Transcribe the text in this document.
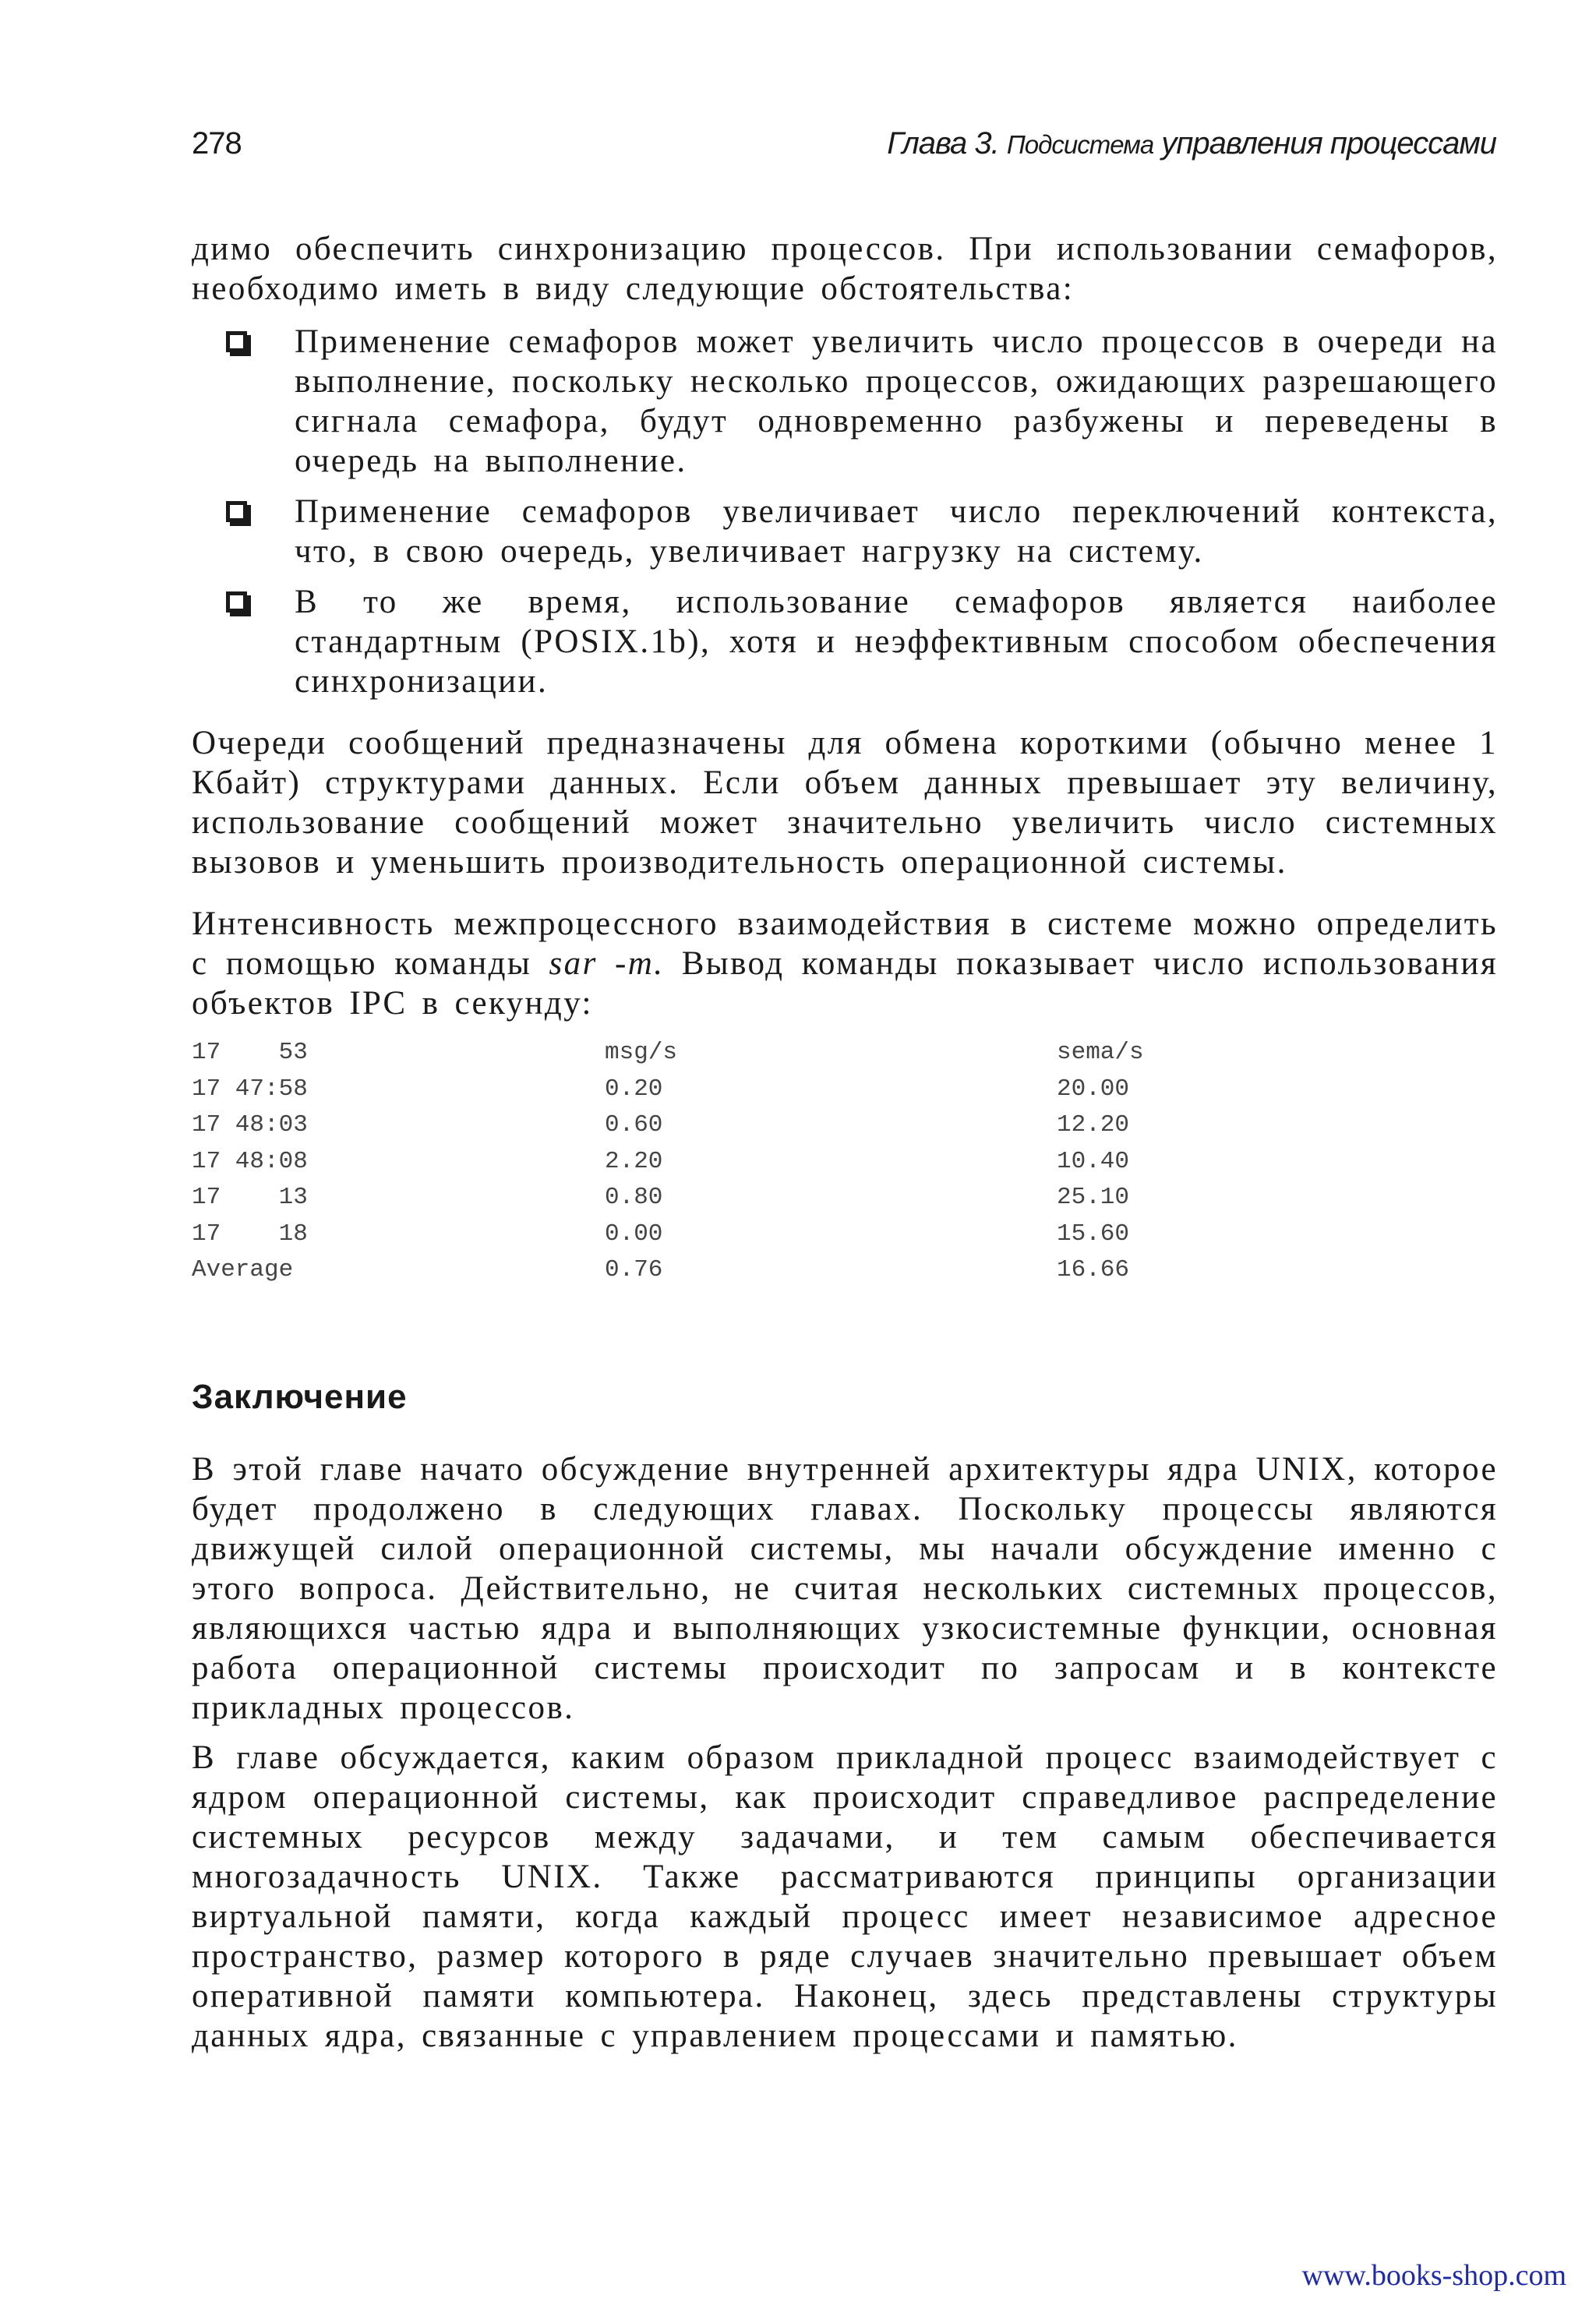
278	Глава 3. Подсистема управления процессами

димо обеспечить синхронизацию процессов. При использовании семафоров, необходимо иметь в виду следующие обстоятельства:

Применение семафоров может увеличить число процессов в очереди на выполнение, поскольку несколько процессов, ожидающих разрешающего сигнала семафора, будут одновременно разбужены и переведены в очередь на выполнение.

Применение семафоров увеличивает число переключений контекста, что, в свою очередь, увеличивает нагрузку на систему.

В то же время, использование семафоров является наиболее стандартным (POSIX.1b), хотя и неэффективным способом обеспечения синхронизации.

Очереди сообщений предназначены для обмена короткими (обычно менее 1 Кбайт) структурами данных. Если объем данных превышает эту величину, использование сообщений может значительно увеличить число системных вызовов и уменьшить производительность операционной системы.

Интенсивность межпроцессного взаимодействия в системе можно определить с помощью команды sar -m. Вывод команды показывает число использования объектов IPC в секунду:

17    53	msg/s	sema/s
17 47:58	0.20	20.00
17 48:03	0.60	12.20
17 48:08	2.20	10.40
17    13	0.80	25.10
17    18	0.00	15.60
Average	0.76	16.66
Заключение

В этой главе начато обсуждение внутренней архитектуры ядра UNIX, которое будет продолжено в следующих главах. Поскольку процессы являются движущей силой операционной системы, мы начали обсуждение именно с этого вопроса. Действительно, не считая нескольких системных процессов, являющихся частью ядра и выполняющих узкосистемные функции, основная работа операционной системы происходит по запросам и в контексте прикладных процессов.

В главе обсуждается, каким образом прикладной процесс взаимодействует с ядром операционной системы, как происходит справедливое распределение системных ресурсов между задачами, и тем самым обеспечивается многозадачность UNIX. Также рассматриваются принципы организации виртуальной памяти, когда каждый процесс имеет независимое адресное пространство, размер которого в ряде случаев значительно превышает объем оперативной памяти компьютера. Наконец, здесь представлены структуры данных ядра, связанные с управлением процессами и памятью.

www.books-shop.com
